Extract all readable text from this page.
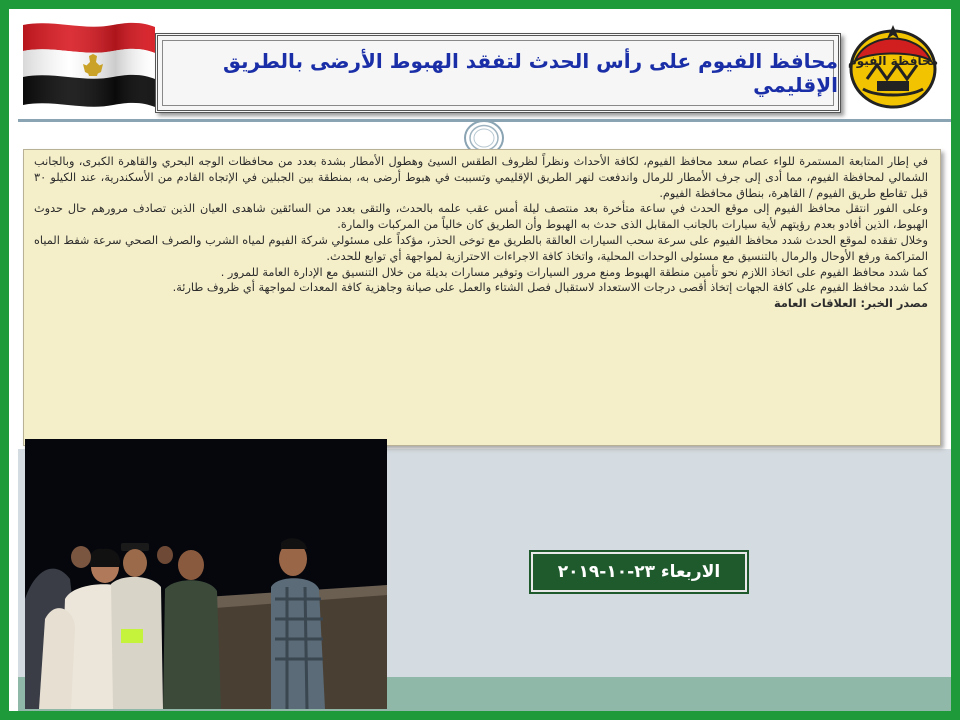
محافظ الفيوم على رأس الحدث لتفقد الهبوط الأرضى بالطريق الإقليمي
محافظة الفيوم

في إطار المتابعة المستمرة للواء عصام سعد محافظ الفيوم، لكافة الأحداث ونظراً لظروف الطقس السيئ وهطول الأمطار بشدة بعدد من محافظات الوجه البحري والقاهرة الكبرى، وبالجانب الشمالي لمحافظة الفيوم، مما أدى إلى جرف الأمطار للرمال واندفعت لنهر الطريق الإقليمي وتسببت في هبوط أرضى به، بمنطقة بين الجبلين في الإتجاه القادم من الأسكندرية، عند الكيلو ٣٠ قبل تقاطع طريق الفيوم / القاهرة، بنطاق محافظة الفيوم.

وعلى الفور انتقل محافظ الفيوم إلى موقع الحدث في ساعة متأخرة بعد منتصف ليلة أمس عقب علمه بالحدث، والتقى بعدد من السائقين شاهدى العيان الذين تصادف مرورهم حال حدوث الهبوط، الذين أفادو بعدم رؤيتهم لأية سيارات بالجانب المقابل الذى حدث به الهبوط وأن الطريق كان خالياً من المركبات والمارة.

وخلال تفقده لموقع الحدث شدد محافظ الفيوم على سرعة سحب السيارات العالقة بالطريق مع توخى الحذر، مؤكداً على مسئولي شركة الفيوم لمياه الشرب والصرف الصحي سرعة شفط المياه المتراكمة ورفع الأوحال والرمال بالتنسيق مع مسئولى الوحدات المحلية، واتخاذ كافة الاجراءات الاحترازية لمواجهة أي توابع للحدث.

كما شدد محافظ الفيوم على اتخاذ اللازم نحو تأمين منطقة الهبوط ومنع مرور السيارات وتوفير مسارات بديلة من خلال التنسيق مع الإدارة العامة للمرور .

كما شدد محافظ الفيوم على كافة الجهات إتخاذ أقصى درجات الاستعداد لاستقبال فصل الشتاء والعمل على صيانة وجاهزية كافة المعدات لمواجهة أي ظروف طارئة.

مصدر الخبر: العلاقات العامة

الاربعاء ٢٣-١٠-٢٠١٩
